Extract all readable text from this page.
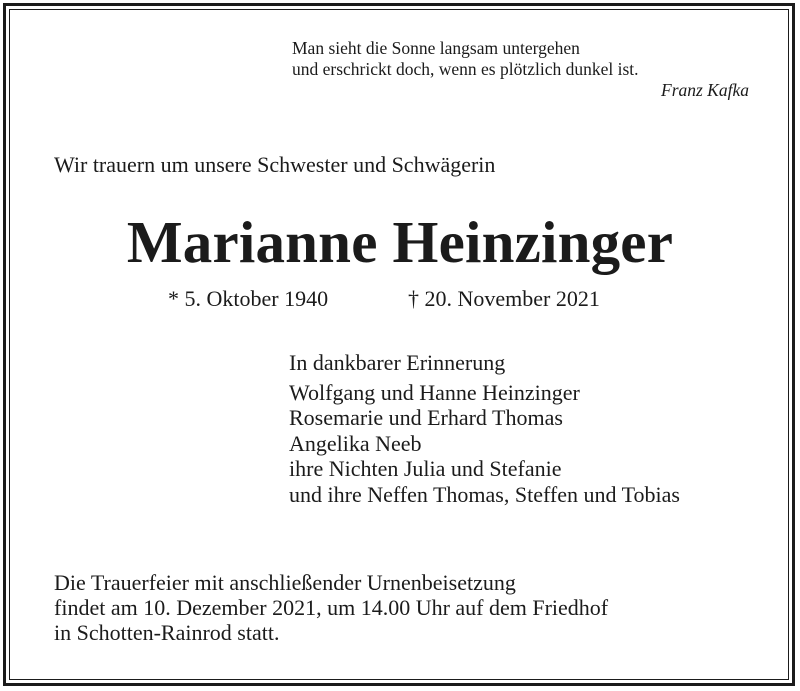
Man sieht die Sonne langsam untergehen
und erschrickt doch, wenn es plötzlich dunkel ist.
Franz Kafka
Wir trauern um unsere Schwester und Schwägerin
Marianne Heinzinger
* 5. Oktober 1940	† 20. November 2021
In dankbarer Erinnerung
Wolfgang und Hanne Heinzinger
Rosemarie und Erhard Thomas
Angelika Neeb
ihre Nichten Julia und Stefanie
und ihre Neffen Thomas, Steffen und Tobias
Die Trauerfeier mit anschließender Urnenbeisetzung
findet am 10. Dezember 2021, um 14.00 Uhr auf dem Friedhof
in Schotten-Rainrod statt.
